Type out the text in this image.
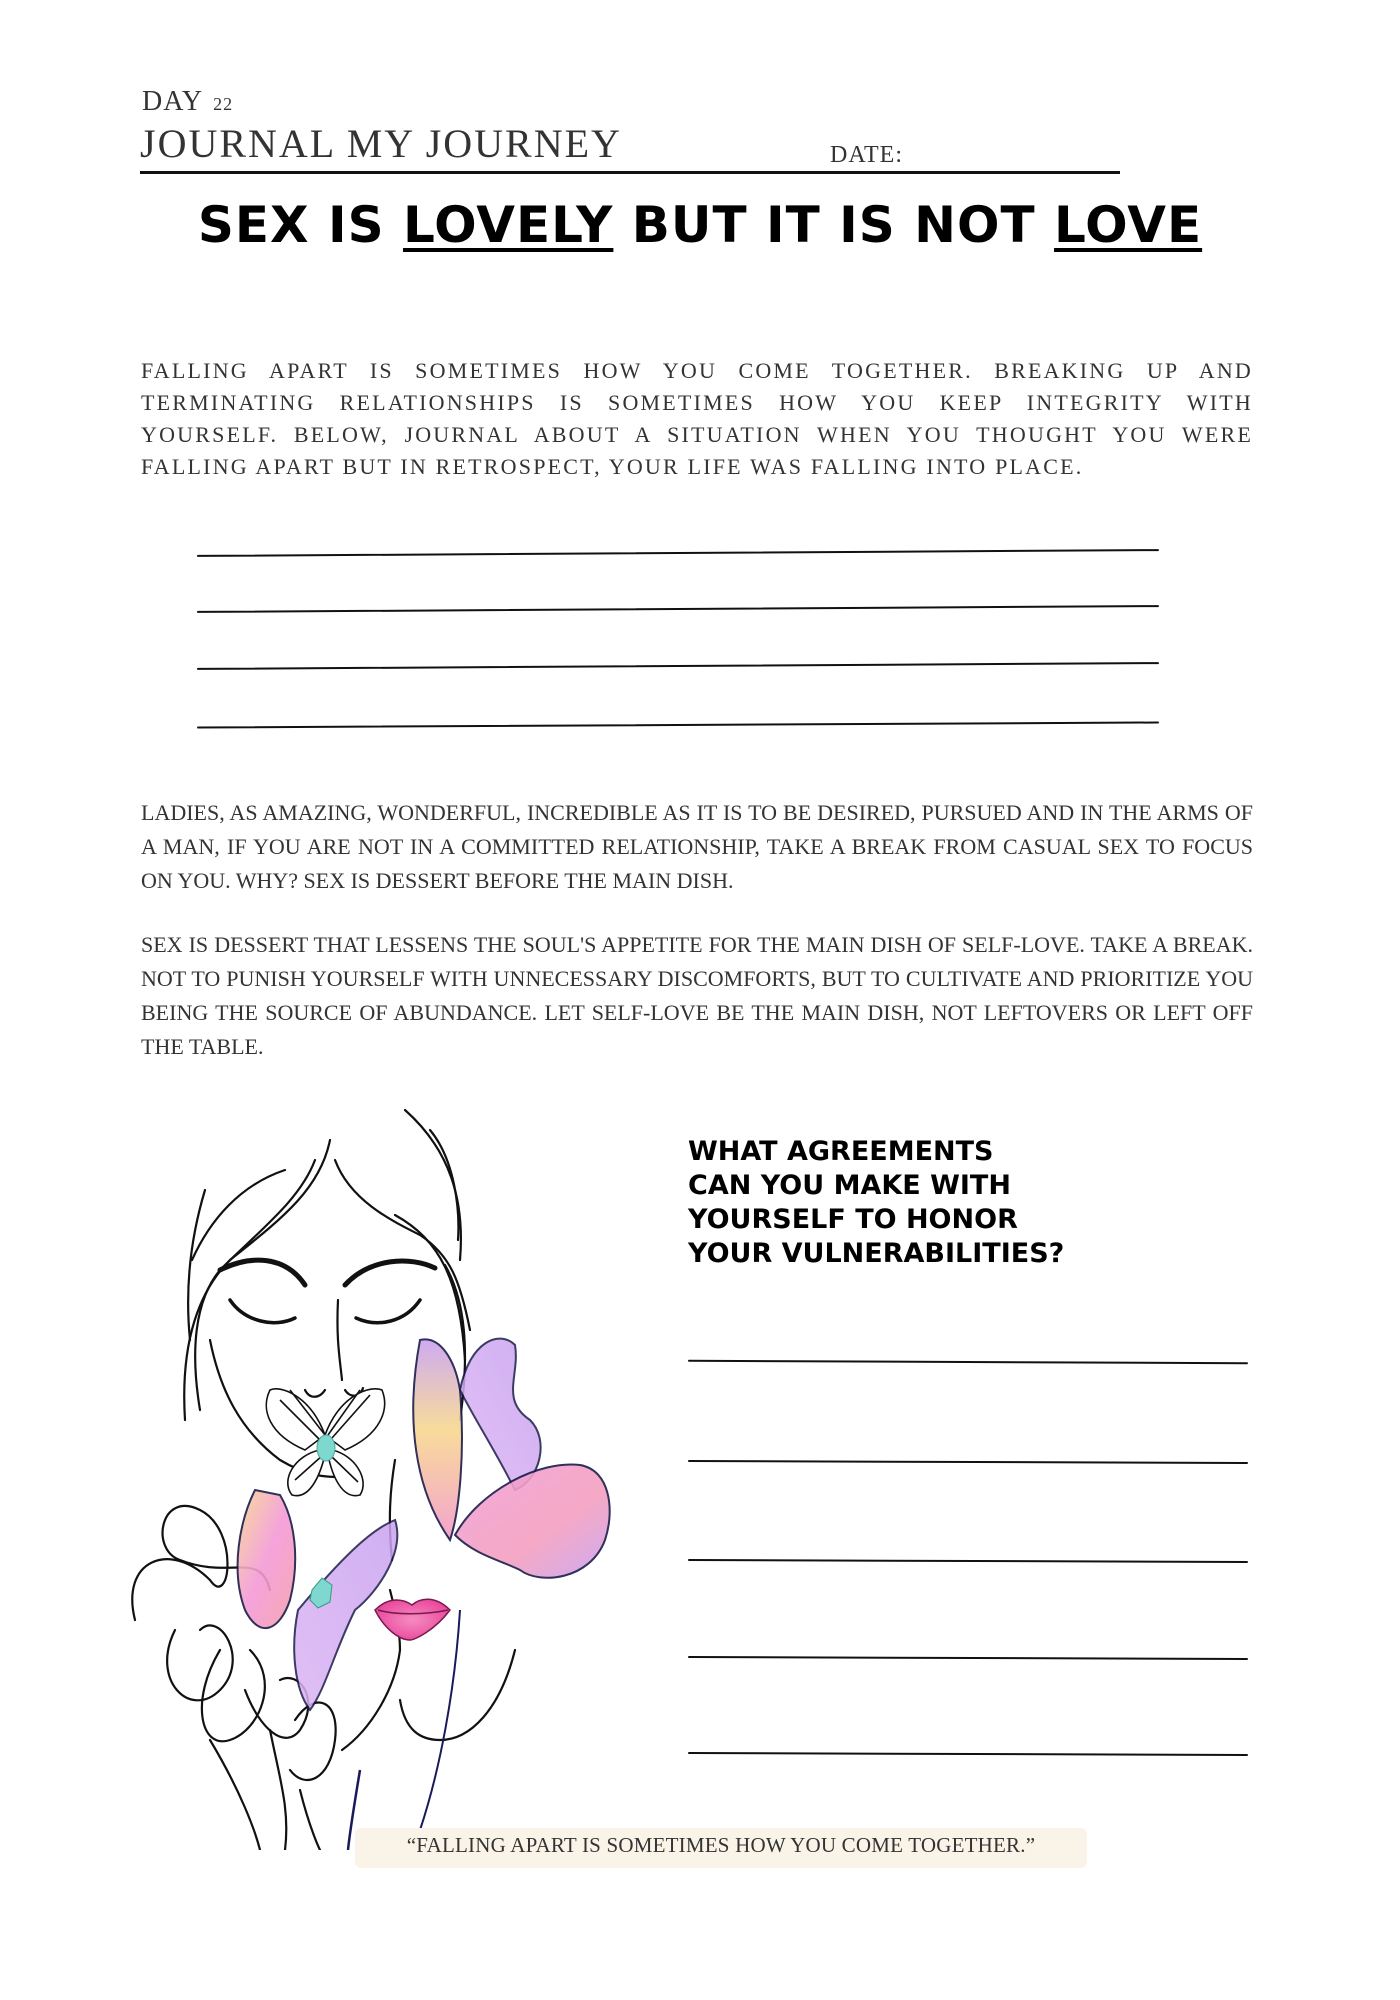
DAY 22
JOURNAL MY JOURNEY	DATE:
SEX IS LOVELY BUT IT IS NOT LOVE

FALLING APART IS SOMETIMES HOW YOU COME TOGETHER. BREAKING UP AND TERMINATING RELATIONSHIPS IS SOMETIMES HOW YOU KEEP INTEGRITY WITH YOURSELF. BELOW, JOURNAL ABOUT A SITUATION WHEN YOU THOUGHT YOU WERE FALLING APART BUT IN RETROSPECT, YOUR LIFE WAS FALLING INTO PLACE.

LADIES, AS AMAZING, WONDERFUL, INCREDIBLE AS IT IS TO BE DESIRED, PURSUED AND IN THE ARMS OF A MAN, IF YOU ARE NOT IN A COMMITTED RELATIONSHIP, TAKE A BREAK FROM CASUAL SEX TO FOCUS ON YOU. WHY? SEX IS DESSERT BEFORE THE MAIN DISH.

SEX IS DESSERT THAT LESSENS THE SOUL'S APPETITE FOR THE MAIN DISH OF SELF-LOVE. TAKE A BREAK. NOT TO PUNISH YOURSELF WITH UNNECESSARY DISCOMFORTS, BUT TO CULTIVATE AND PRIORITIZE YOU BEING THE SOURCE OF ABUNDANCE. LET SELF-LOVE BE THE MAIN DISH, NOT LEFTOVERS OR LEFT OFF THE TABLE.

WHAT AGREEMENTS
CAN YOU MAKE WITH
YOURSELF TO HONOR
YOUR VULNERABILITIES?
“FALLING APART IS SOMETIMES HOW YOU COME TOGETHER.”
